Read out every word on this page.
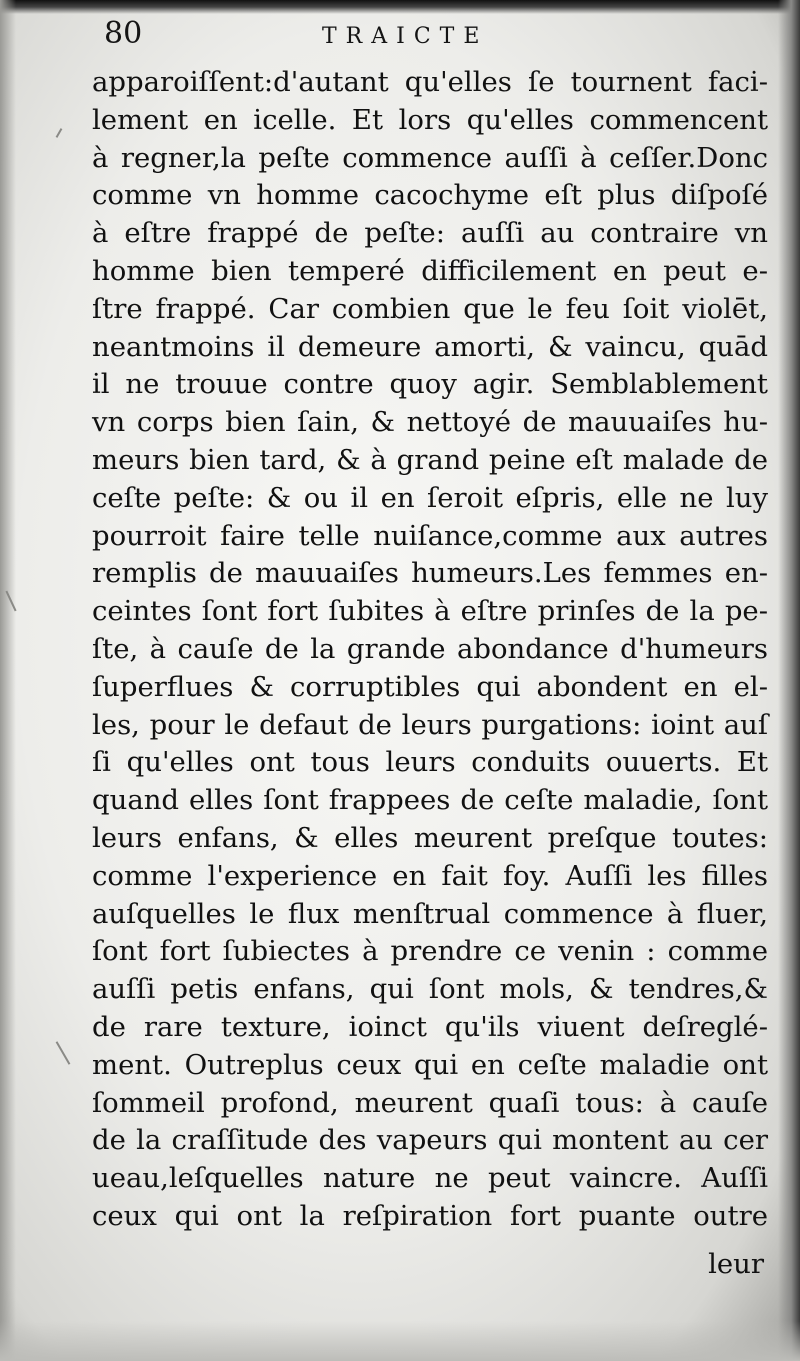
80	TRAICTE
apparoiſſent:d'autant qu'elles ſe tournent faci-
lement en icelle. Et lors qu'elles commencent
à regner,la peſte commence auſſi à ceſſer.Donc
comme vn homme cacochyme eſt plus diſpoſé
à eſtre frappé de peſte: auſſi au contraire vn
homme bien temperé difficilement en peut e-
ſtre frappé. Car combien que le feu ſoit violēt,
neantmoins il demeure amorti, & vaincu, quād
il ne trouue contre quoy agir. Semblablement
vn corps bien ſain, & nettoyé de mauuaiſes hu-
meurs bien tard, & à grand peine eſt malade de
ceſte peſte: & ou il en ſeroit eſpris, elle ne luy
pourroit faire telle nuiſance,comme aux autres
remplis de mauuaiſes humeurs.Les femmes en-
ceintes ſont fort ſubites à eſtre prinſes de la pe-
ſte, à cauſe de la grande abondance d'humeurs
ſuperflues & corruptibles qui abondent en el-
les, pour le defaut de leurs purgations: ioint auſ
ſi qu'elles ont tous leurs conduits ouuerts. Et
quand elles ſont frappees de ceſte maladie, ſont
leurs enfans, & elles meurent preſque toutes:
comme l'experience en fait foy. Auſſi les filles
auſquelles le flux menſtrual commence à fluer,
ſont fort ſubiectes à prendre ce venin : comme
auſſi petis enfans, qui ſont mols, & tendres,&
de rare texture, ioinct qu'ils viuent deſreglé-
ment. Outreplus ceux qui en ceſte maladie ont
ſommeil profond, meurent quaſi tous: à cauſe
de la craſſitude des vapeurs qui montent au cer
ueau,leſquelles nature ne peut vaincre. Auſſi
ceux qui ont la reſpiration fort puante outre
leur
